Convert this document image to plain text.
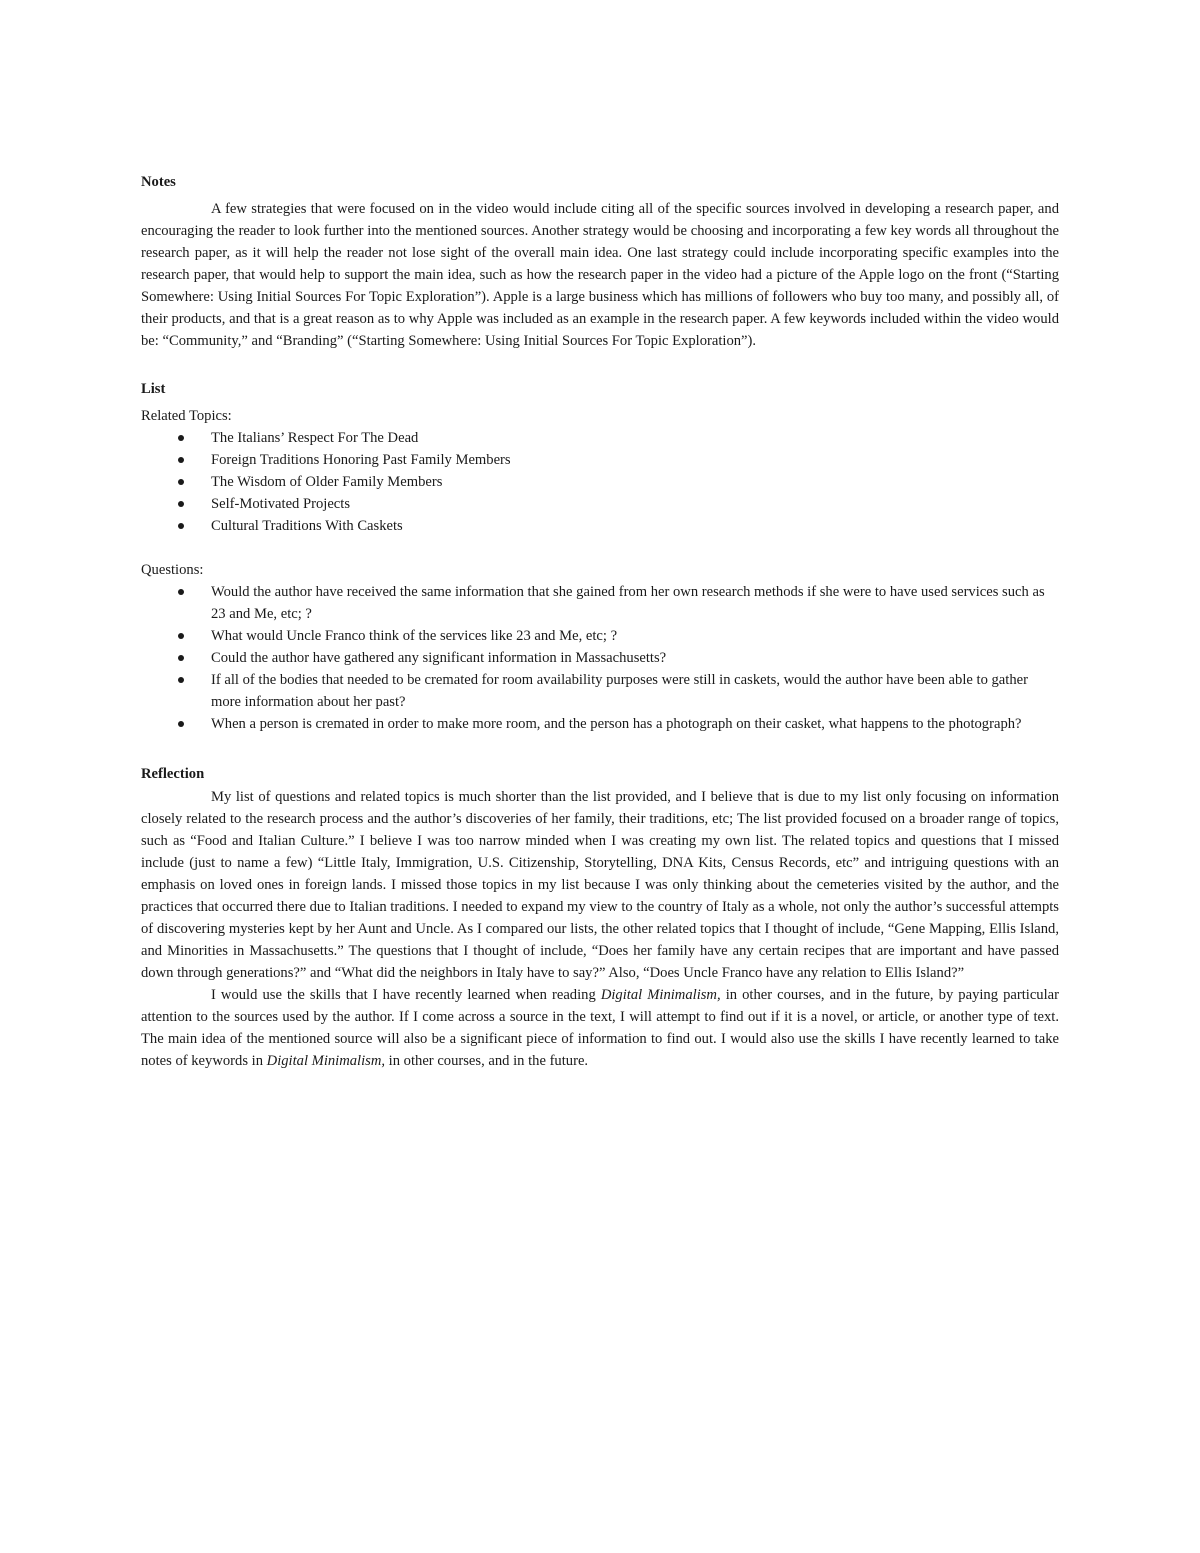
Notes

A few strategies that were focused on in the video would include citing all of the specific sources involved in developing a research paper, and encouraging the reader to look further into the mentioned sources. Another strategy would be choosing and incorporating a few key words all throughout the research paper, as it will help the reader not lose sight of the overall main idea. One last strategy could include incorporating specific examples into the research paper, that would help to support the main idea, such as how the research paper in the video had a picture of the Apple logo on the front (“Starting Somewhere: Using Initial Sources For Topic Exploration”). Apple is a large business which has millions of followers who buy too many, and possibly all, of their products, and that is a great reason as to why Apple was included as an example in the research paper. A few keywords included within the video would be: “Community,” and “Branding” (“Starting Somewhere: Using Initial Sources For Topic Exploration”).

List

Related Topics:

The Italians’ Respect For The Dead
Foreign Traditions Honoring Past Family Members
The Wisdom of Older Family Members
Self-Motivated Projects
Cultural Traditions With Caskets

Questions:

Would the author have received the same information that she gained from her own research methods if she were to have used services such as 23 and Me, etc; ?
What would Uncle Franco think of the services like 23 and Me, etc; ?
Could the author have gathered any significant information in Massachusetts?
If all of the bodies that needed to be cremated for room availability purposes were still in caskets, would the author have been able to gather more information about her past?
When a person is cremated in order to make more room, and the person has a photograph on their casket, what happens to the photograph?
Reflection

My list of questions and related topics is much shorter than the list provided, and I believe that is due to my list only focusing on information closely related to the research process and the author’s discoveries of her family, their traditions, etc; The list provided focused on a broader range of topics, such as “Food and Italian Culture.” I believe I was too narrow minded when I was creating my own list. The related topics and questions that I missed include (just to name a few) “Little Italy, Immigration, U.S. Citizenship, Storytelling, DNA Kits, Census Records, etc” and intriguing questions with an emphasis on loved ones in foreign lands. I missed those topics in my list because I was only thinking about the cemeteries visited by the author, and the practices that occurred there due to Italian traditions. I needed to expand my view to the country of Italy as a whole, not only the author’s successful attempts of discovering mysteries kept by her Aunt and Uncle. As I compared our lists, the other related topics that I thought of include, “Gene Mapping, Ellis Island, and Minorities in Massachusetts.” The questions that I thought of include, “Does her family have any certain recipes that are important and have passed down through generations?” and “What did the neighbors in Italy have to say?” Also, “Does Uncle Franco have any relation to Ellis Island?”

I would use the skills that I have recently learned when reading Digital Minimalism, in other courses, and in the future, by paying particular attention to the sources used by the author. If I come across a source in the text, I will attempt to find out if it is a novel, or article, or another type of text. The main idea of the mentioned source will also be a significant piece of information to find out. I would also use the skills I have recently learned to take notes of keywords in Digital Minimalism, in other courses, and in the future.
